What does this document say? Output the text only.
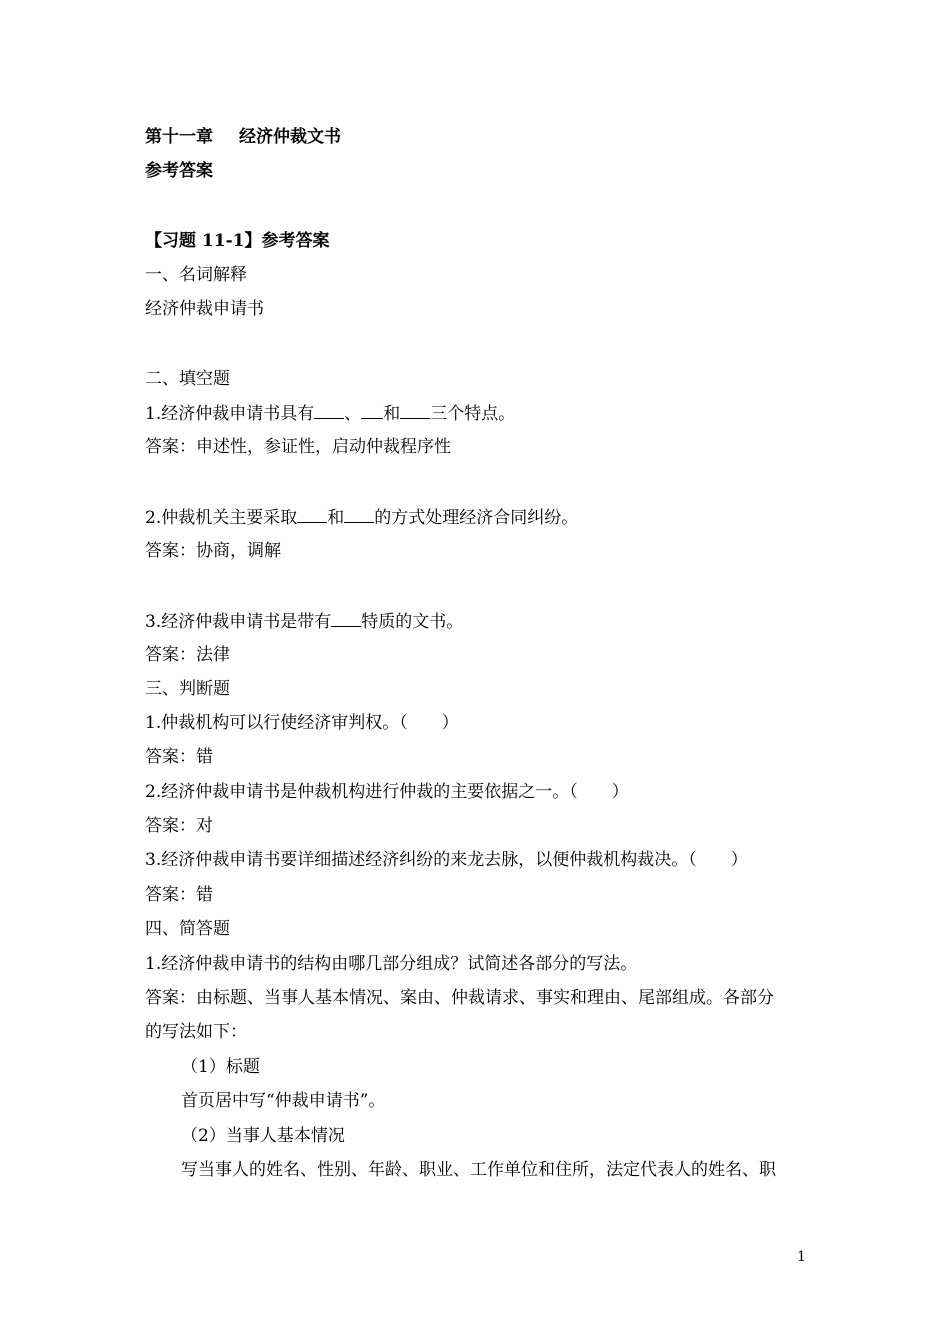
第十一章 经济仲裁文书
参考答案
【习题 11-1】参考答案
一、名词解释
经济仲裁申请书
二、填空题
1.经济仲裁申请书具有 、 和 三个特点。
答案：申述性，参证性，启动仲裁程序性
2.仲裁机关主要采取 和 的方式处理经济合同纠纷。
答案：协商，调解
3.经济仲裁申请书是带有 特质的文书。
答案：法律
三、判断题
1.仲裁机构可以行使经济审判权。（　　）
答案：错
2.经济仲裁申请书是仲裁机构进行仲裁的主要依据之一。（　　）
答案：对
3.经济仲裁申请书要详细描述经济纠纷的来龙去脉，以便仲裁机构裁决。（　　）
答案：错
四、简答题
1.经济仲裁申请书的结构由哪几部分组成？试简述各部分的写法。
答案：由标题、当事人基本情况、案由、仲裁请求、事实和理由、尾部组成。各部分
的写法如下：
（1）标题
首页居中写“仲裁申请书”。
（2）当事人基本情况
写当事人的姓名、性别、年龄、职业、工作单位和住所，法定代表人的姓名、职
1
